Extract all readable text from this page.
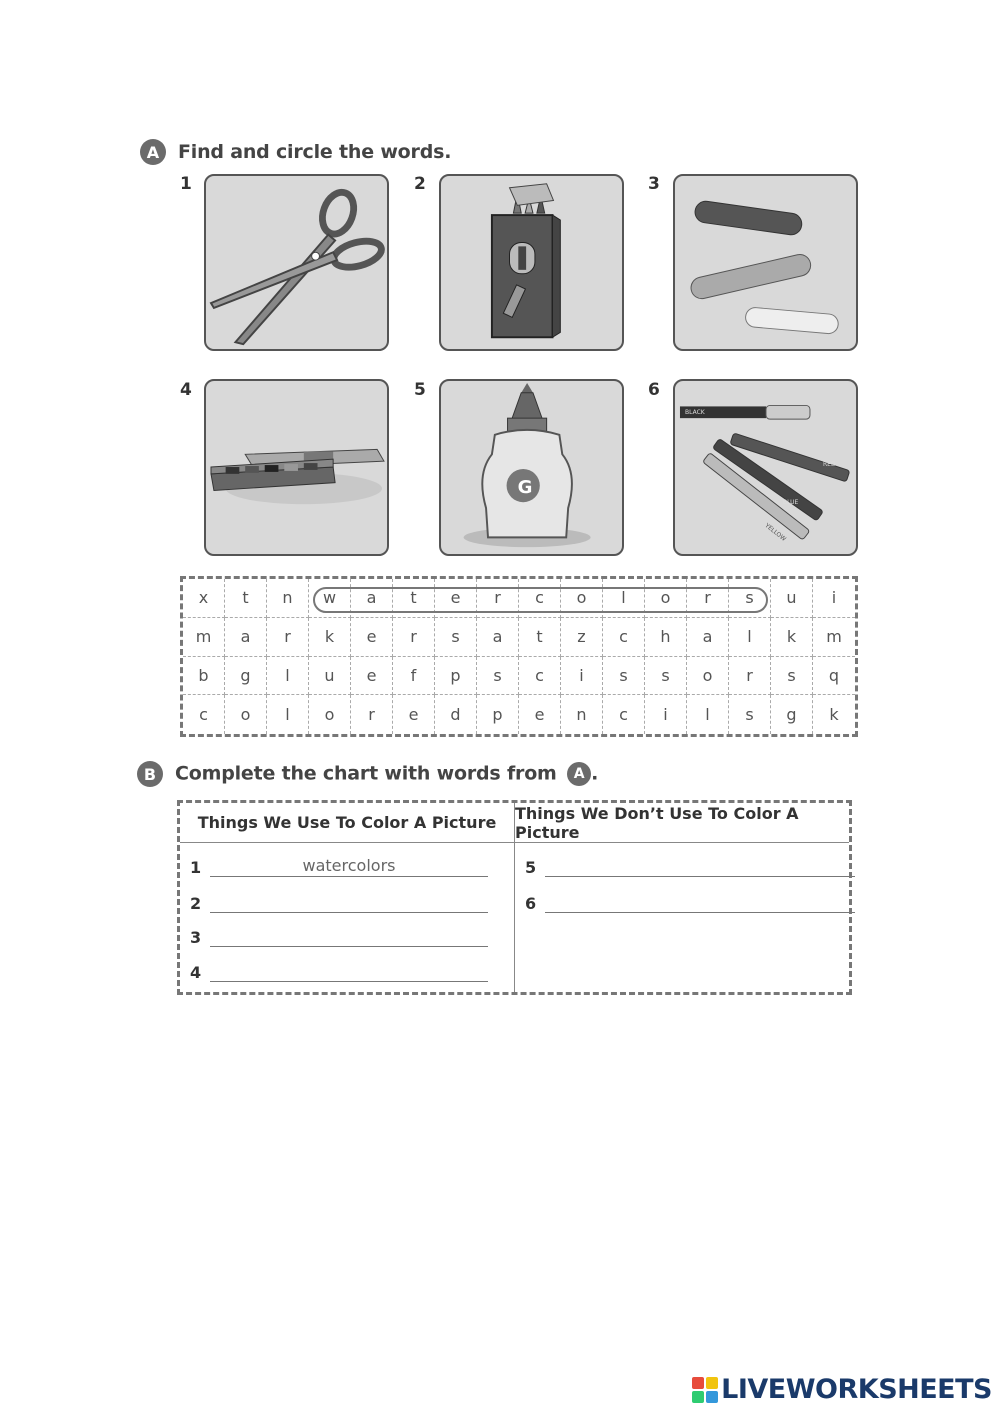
A Find and circle the words.
1	2	3
4	5	6
G
BLACK
RED
BLUE
YELLOW
x	t	n	w	a	t	e	r	c	o	l	o	r	s	u	i
m	a	r	k	e	r	s	a	t	z	c	h	a	l	k	m
b	g	l	u	e	f	p	s	c	i	s	s	o	r	s	q
c	o	l	o	r	e	d	p	e	n	c	i	l	s	g	k
B Complete the chart with words from A .
Things We Use To Color A Picture
1	watercolors
2
3
4
Things We Don’t Use To Color A Picture
5
6
LIVEWORKSHEETS
